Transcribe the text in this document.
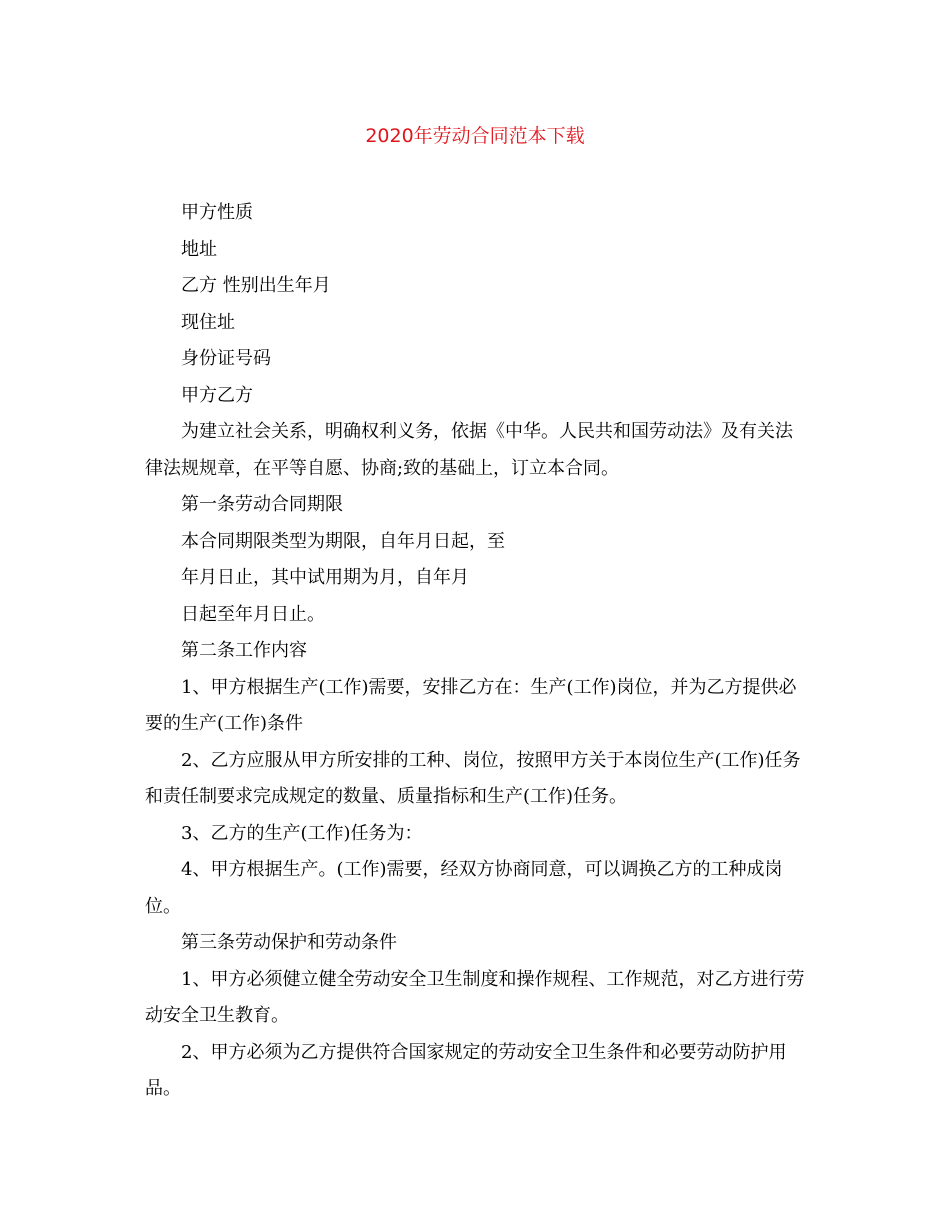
2020年劳动合同范本下载

甲方性质

地址

乙方 性别出生年月

现住址

身份证号码

甲方乙方

为建立社会关系，明确权利义务，依据《中华。人民共和国劳动法》及有关法律法规规章，在平等自愿、协商;致的基础上，订立本合同。

第一条劳动合同期限

本合同期限类型为期限，自年月日起，至

年月日止，其中试用期为月，自年月

日起至年月日止。

第二条工作内容

1、甲方根据生产(工作)需要，安排乙方在：生产(工作)岗位，并为乙方提供必要的生产(工作)条件

2、乙方应服从甲方所安排的工种、岗位，按照甲方关于本岗位生产(工作)任务和责任制要求完成规定的数量、质量指标和生产(工作)任务。

3、乙方的生产(工作)任务为：

4、甲方根据生产。(工作)需要，经双方协商同意，可以调换乙方的工种成岗位。

第三条劳动保护和劳动条件

1、甲方必须健立健全劳动安全卫生制度和操作规程、工作规范，对乙方进行劳动安全卫生教育。

2、甲方必须为乙方提供符合国家规定的劳动安全卫生条件和必要劳动防护用品。
